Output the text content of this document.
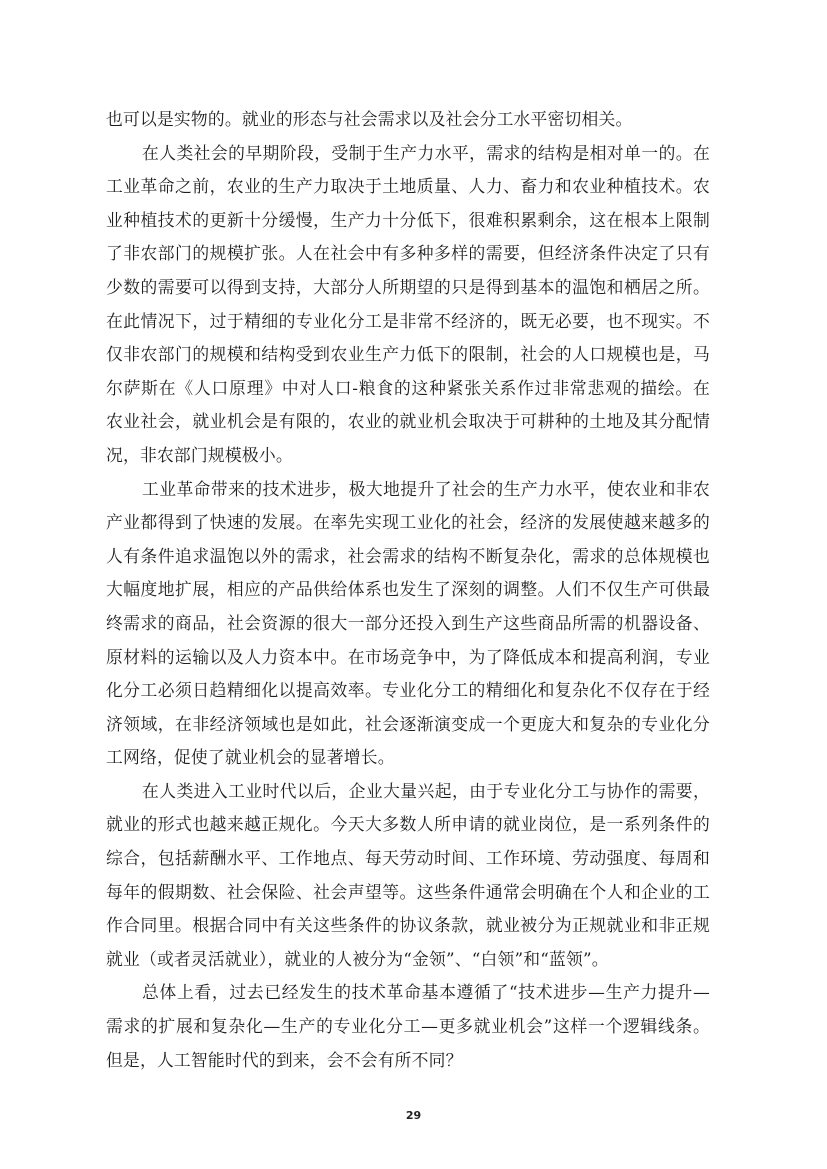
也可以是实物的。就业的形态与社会需求以及社会分工水平密切相关。
在人类社会的早期阶段，受制于生产力水平，需求的结构是相对单一的。在
工业革命之前，农业的生产力取决于土地质量、人力、畜力和农业种植技术。农
业种植技术的更新十分缓慢，生产力十分低下，很难积累剩余，这在根本上限制
了非农部门的规模扩张。人在社会中有多种多样的需要，但经济条件决定了只有
少数的需要可以得到支持，大部分人所期望的只是得到基本的温饱和栖居之所。
在此情况下，过于精细的专业化分工是非常不经济的，既无必要，也不现实。不
仅非农部门的规模和结构受到农业生产力低下的限制，社会的人口规模也是，马
尔萨斯在《人口原理》中对人口-粮食的这种紧张关系作过非常悲观的描绘。在
农业社会，就业机会是有限的，农业的就业机会取决于可耕种的土地及其分配情
况，非农部门规模极小。
工业革命带来的技术进步，极大地提升了社会的生产力水平，使农业和非农
产业都得到了快速的发展。在率先实现工业化的社会，经济的发展使越来越多的
人有条件追求温饱以外的需求，社会需求的结构不断复杂化，需求的总体规模也
大幅度地扩展，相应的产品供给体系也发生了深刻的调整。人们不仅生产可供最
终需求的商品，社会资源的很大一部分还投入到生产这些商品所需的机器设备、
原材料的运输以及人力资本中。在市场竞争中，为了降低成本和提高利润，专业
化分工必须日趋精细化以提高效率。专业化分工的精细化和复杂化不仅存在于经
济领域，在非经济领域也是如此，社会逐渐演变成一个更庞大和复杂的专业化分
工网络，促使了就业机会的显著增长。
在人类进入工业时代以后，企业大量兴起，由于专业化分工与协作的需要，
就业的形式也越来越正规化。今天大多数人所申请的就业岗位，是一系列条件的
综合，包括薪酬水平、工作地点、每天劳动时间、工作环境、劳动强度、每周和
每年的假期数、社会保险、社会声望等。这些条件通常会明确在个人和企业的工
作合同里。根据合同中有关这些条件的协议条款，就业被分为正规就业和非正规
就业（或者灵活就业），就业的人被分为“金领”、“白领”和“蓝领”。
总体上看，过去已经发生的技术革命基本遵循了“技术进步—生产力提升—
需求的扩展和复杂化—生产的专业化分工—更多就业机会”这样一个逻辑线条。
但是，人工智能时代的到来，会不会有所不同？
29
